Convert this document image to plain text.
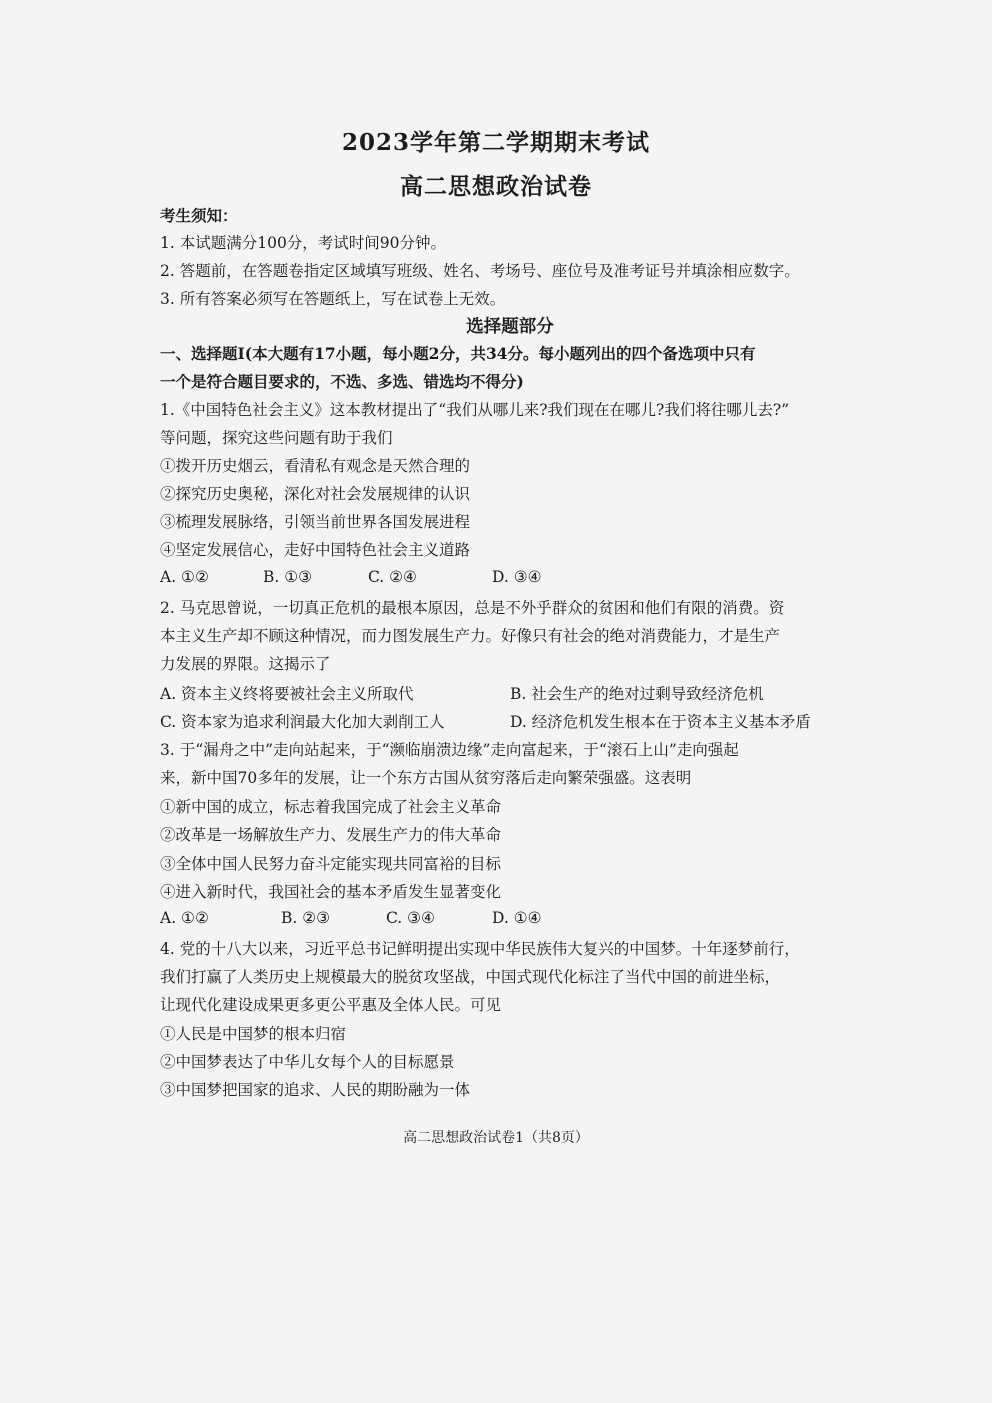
2023学年第二学期期末考试
高二思想政治试卷
考生须知：
1. 本试题满分100分，考试时间90分钟。
2. 答题前，在答题卷指定区域填写班级、姓名、考场号、座位号及准考证号并填涂相应数字。
3. 所有答案必须写在答题纸上，写在试卷上无效。
选择题部分
一、选择题Ⅰ(本大题有17小题，每小题2分，共34分。每小题列出的四个备选项中只有
一个是符合题目要求的，不选、多选、错选均不得分)
1.《中国特色社会主义》这本教材提出了“我们从哪儿来?我们现在在哪儿?我们将往哪儿去?”
等问题，探究这些问题有助于我们
①拨开历史烟云，看清私有观念是天然合理的
②探究历史奥秘，深化对社会发展规律的认识
③梳理发展脉络，引领当前世界各国发展进程
④坚定发展信心，走好中国特色社会主义道路
A. ①②	B. ①③	C. ②④	D. ③④
2. 马克思曾说，一切真正危机的最根本原因，总是不外乎群众的贫困和他们有限的消费。资
本主义生产却不顾这种情况，而力图发展生产力。好像只有社会的绝对消费能力，才是生产
力发展的界限。这揭示了
A. 资本主义终将要被社会主义所取代	B. 社会生产的绝对过剩导致经济危机
C. 资本家为追求利润最大化加大剥削工人	D. 经济危机发生根本在于资本主义基本矛盾
3. 于“漏舟之中”走向站起来，于“濒临崩溃边缘”走向富起来，于“滚石上山”走向强起
来，新中国70多年的发展，让一个东方古国从贫穷落后走向繁荣强盛。这表明
①新中国的成立，标志着我国完成了社会主义革命
②改革是一场解放生产力、发展生产力的伟大革命
③全体中国人民努力奋斗定能实现共同富裕的目标
④进入新时代，我国社会的基本矛盾发生显著变化
A. ①②	B. ②③	C. ③④	D. ①④
4. 党的十八大以来，习近平总书记鲜明提出实现中华民族伟大复兴的中国梦。十年逐梦前行，
我们打赢了人类历史上规模最大的脱贫攻坚战，中国式现代化标注了当代中国的前进坐标，
让现代化建设成果更多更公平惠及全体人民。可见
①人民是中国梦的根本归宿
②中国梦表达了中华儿女每个人的目标愿景
③中国梦把国家的追求、人民的期盼融为一体
高二思想政治试卷1（共8页）
